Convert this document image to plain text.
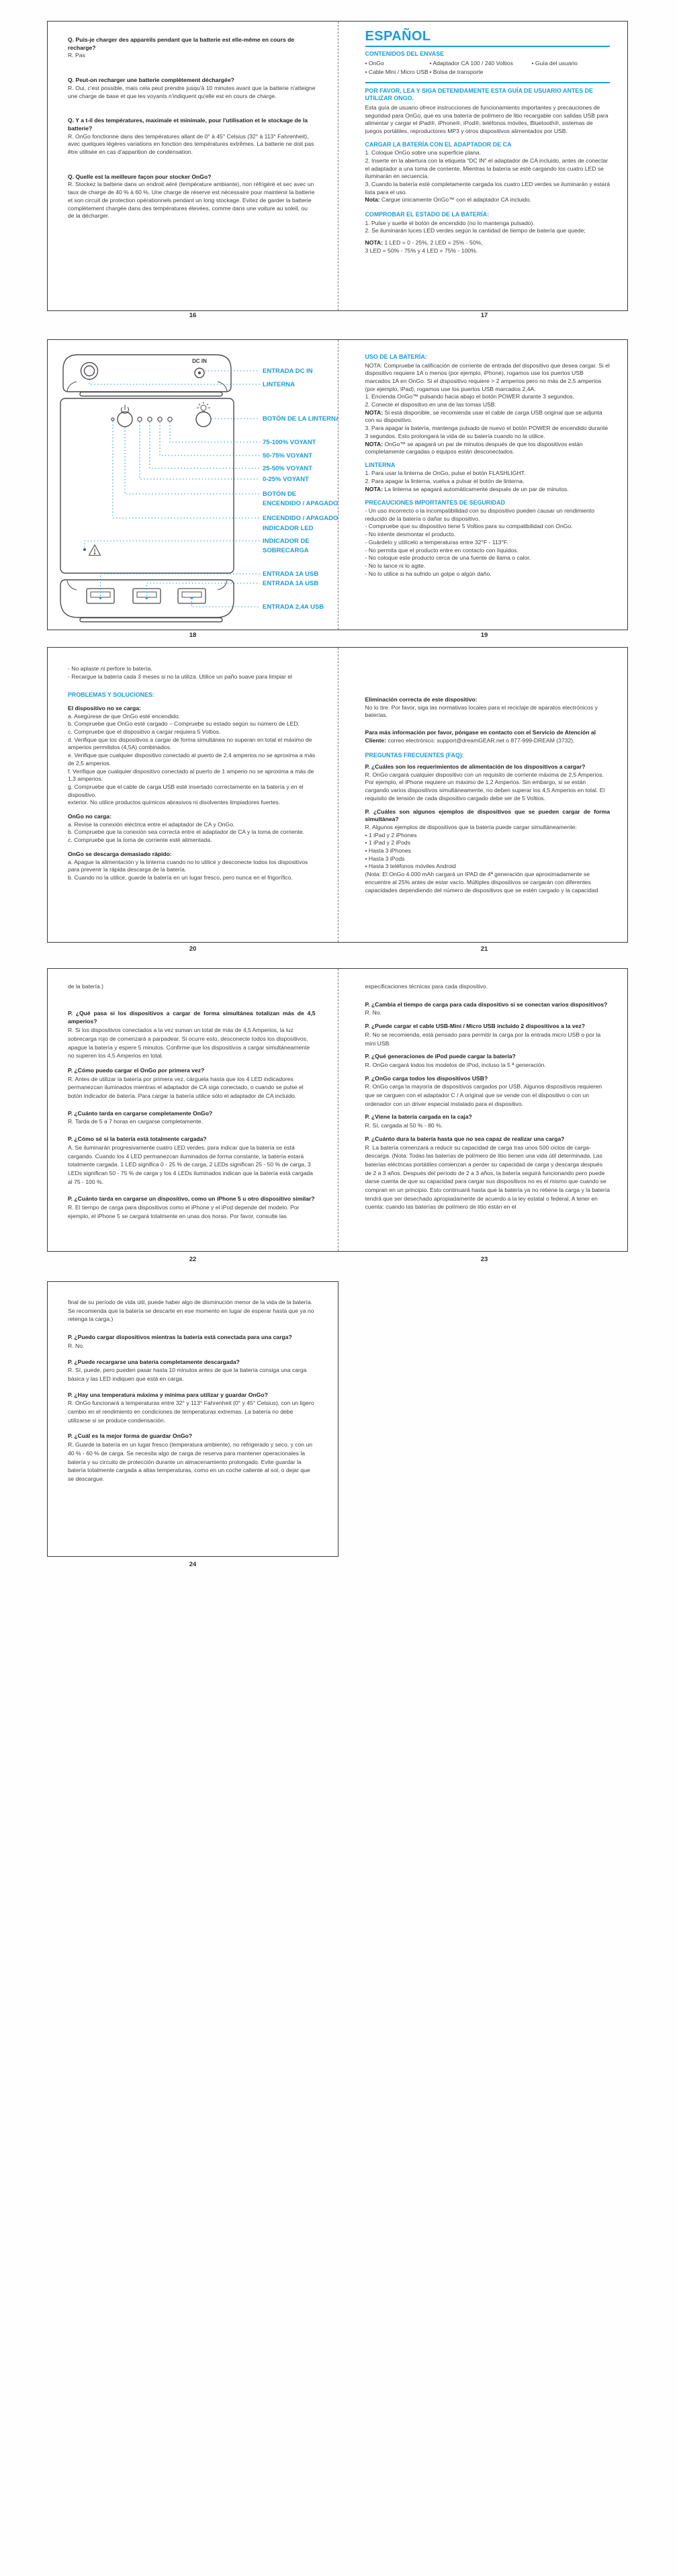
Q. Puis-je charger des appareils pendant que la batterie est elle-même en cours de recharge?
R. Pas
Q. Peut-on recharger une batterie complètement déchargée?
R. Oui, c'est possible, mais cela peut prendre jusqu'à 10 minutes avant que la batterie n'atteigne une charge de base et que les voyants n'indiquent qu'elle est en cours de charge.
Q. Y a t-il des températures, maximale et minimale, pour l'utilisation et le stockage de la batterie?
R. OnGo fonctionne dans des températures allant de 0° à 45° Celsius (32° à 113° Fahrenheit), avec quelques légères variations en fonction des températures extrêmes. La batterie ne doit pas être utilisée en cas d'apparition de condensation.
Q. Quelle est la meilleure façon pour stocker OnGo?
R. Stockez la batterie dans un endroit aéré (température ambiante), non réfrigéré et sec avec un taux de charge de 40 % à 60 %. Une charge de réserve est nécessaire pour maintenir la batterie et son circuit de protection opérationnels pendant un long stockage. Evitez de garder la batterie complètement chargée dans des températures élevées, comme dans une voiture au soleil, ou de la décharger.
ESPAÑOL
CONTENIDOS DEL ENVASE
• OnGo	• Adaptador CA 100 / 240 Voltios	• Guía del usuario
• Cable Mini / Micro USB • Bolsa de transporte
POR FAVOR, LEA Y SIGA DETENIDAMENTE ESTA GUÍA DE USUARIO ANTES DE UTILIZAR ONGO.
Esta guía de usuario ofrece instrucciones de funcionamiento importantes y precauciones de seguridad para OnGo, que es una batería de polímero de litio recargable con salidas USB para alimentar y cargar el iPad®, iPhone®, iPod®, teléfonos móviles, Bluetooth®, sistemas de juegos portátiles, reproductores MP3 y otros dispositivos alimentados por USB.
CARGAR LA BATERÍA CON EL ADAPTADOR DE CA
1. Coloque OnGo sobre una superficie plana.
2. Inserte en la abertura con la etiqueta “DC IN” el adaptador de CA incluido, antes de conectar el adaptador a una toma de corriente. Mientras la batería se esté cargando los cuatro LED se iluminarán en secuencia.
3. Cuando la batería esté completamente cargada los cuatro LED verdes se iluminarán y estará lista para el uso.
Nota: Cargue únicamente OnGo™ con el adaptador CA incluido.
COMPROBAR EL ESTADO DE LA BATERÍA:
1. Pulse y suelte el botón de encendido (no lo mantenga pulsado).
2. Se iluminarán luces LED verdes según la cantidad de tiempo de batería que quede;
NOTA: 1 LED = 0 - 25%, 2 LED = 25% - 50%,
3 LED = 50% - 75% y 4 LED = 75% - 100%.
16	17
DC IN
ENTRADA DC IN
LINTERNA
BOTÓN DE LA LINTERNA
75-100% VOYANT
50-75% VOYANT
25-50% VOYANT
0-25% VOYANT
BOTÓN DE
ENCENDIDO / APAGADO
ENCENDIDO / APAGADO
INDICADOR LED
INDICADOR DE
SOBRECARGA
ENTRADA 1A USB
ENTRADA 1A USB
ENTRADA 2,4A USB
USO DE LA BATERÍA:
NOTA: Compruebe la calificación de corriente de entrada del dispositivo que desea cargar. Si el dispositivo requiere 1A o menos (por ejemplo, iPhone), rogamos use los puertos USB marcados 1A en OnGo. Si el dispositivo requiere > 2 amperios pero no más de 2,5 amperios (por ejemplo, iPad), rogamos use los puertos USB marcados 2,4A.
1. Encienda OnGo™ pulsando hacia abajo el botón POWER durante 3 segundos.
2. Conecte el dispositivo en una de las tomas USB.
NOTA: Si está disponible, se recomienda usar el cable de carga USB original que se adjunta con su dispositivo.
3. Para apagar la batería, mantenga pulsado de nuevo el botón POWER de encendido durante 3 segundos. Esto prolongará la vida de su batería cuando no la utilice.
NOTA: OnGo™ se apagará un par de minutos después de que los dispositivos están completamente cargadas o equipos están desconectados.
LINTERNA
1. Para usar la linterna de OnGo, pulse el botón FLASHLIGHT.
2. Para apagar la linterna, vuelva a pulsar el botón de linterna.
NOTA: La linterna se apagará automáticamente después de un par de minutos.
PRECAUCIONES IMPORTANTES DE SEGURIDAD
- Un uso incorrecto o la incompatibilidad con su dispositivo pueden causar un rendimiento reducido de la batería o dañar su dispositivo.
- Compruebe que su dispositivo tiene 5 Voltios para su compatibilidad con OnGo.
- No intente desmontar el producto.
- Guárdelo y utilícelo a temperaturas entre 32°F - 113°F.
- No permita que el producto entre en contacto con líquidos.
- No coloque este producto cerca de una fuente de llama o calor.
- No lo lance ni lo agite.
- No lo utilice si ha sufrido un golpe o algún daño.
18	19
- No aplaste ni perfore la batería.
- Recargue la batería cada 3 meses si no la utiliza. Utilice un paño suave para limpiar el
PROBLEMAS Y SOLUCIONES:
El dispositivo no se carga:
a. Asegúrese de que OnGo esté encendido.
b. Compruebe que OnGo esté cargado – Compruebe su estado según su número de LED.
c. Compruebe que el dispositivo a cargar requiera 5 Voltios.
d. Verifique que los dispositivos a cargar de forma simultánea no superan en total el máximo de amperios permitidos (4,5A) combinados.
e. Verifique que cualquier dispositivo conectado al puerto de 2,4 amperios no se aproxima a más de 2,5 amperios.
f. Verifique que cualquier dispositivo conectado al puerto de 1 amperio no se aproxima a más de 1,3 amperios.
g. Compruebe que el cable de carga USB esté insertado correctamente en la batería y en el dispositivo.
exterior. No utilice productos químicos abrasivos ni disolventes limpiadores fuertes.
OnGo no carga:
a. Revise la conexión eléctrica entre el adaptador de CA y OnGo.
b. Compruebe que la conexión sea correcta entre el adaptador de CA y la toma de corriente.
c. Compruebe que la toma de corriente esté alimentada.
OnGo se descarga demasiado rápido:
a. Apague la alimentación y la linterna cuando no lo utilice y desconecte todos los dispositivos para prevenir la rápida descarga de la batería.
b. Cuando no la utilice, guarde la batería en un lugar fresco, pero nunca en el frigorífico.
Eliminación correcta de este dispositivo:
No lo tire. Por favor, siga las normativas locales para el reciclaje de aparatos electrónicos y baterías.
Para más información por favor, póngase en contacto con el Servicio de Atención al Cliente: correo electrónico: support@dreamGEAR.net o 877-999-DREAM (3732).
PREGUNTAS FRECUENTES (FAQ):
P. ¿Cuáles son los requerimientos de alimentación de los dispositivos a cargar?
R. OnGo cargará cualquier dispositivo con un requisito de corriente máxima de 2,5 Amperios. Por ejemplo, el iPhone requiere un máximo de 1,2 Amperios. Sin embargo, si se están cargando varios dispositivos simultáneamente, no deben superar los 4,5 Amperios en total. El requisito de tensión de cada dispositivo cargado debe ser de 5 Voltios.
P. ¿Cuáles son algunos ejemplos de dispositivos que se pueden cargar de forma simultánea?
R. Algunos ejemplos de dispositivos que la batería puede cargar simultáneamente:
• 1 iPad y 2 iPhones
• 1 iPad y 2 iPods
• Hasta 3 iPhones
• Hasta 3 iPods
• Hasta 3 teléfonos móviles Android
(Nota: El OnGo 4.000 mAh cargará un IPAD de 4ª generación que aproximadamente se encuentre al 25% antes de estar vacío. Múltiples dispositivos se cargarán con diferentes capacidades dependiendo del número de dispositivos que se estén cargado y la capacidad
20	21
de la batería.)
P. ¿Qué pasa si los dispositivos a cargar de forma simultánea totalizan más de 4,5 amperios?
R. Si los dispositivos conectados a la vez suman un total de más de 4,5 Amperios, la luz sobrecarga rojo de comenzará a parpadear. Si ocurre esto, desconecte todos los dispositivos, apague la batería y espere 5 minutos. Confirme que los dispositivos a cargar simultáneamente no superen los 4,5 Amperios en total.
P. ¿Cómo puedo cargar el OnGo por primera vez?
R. Antes de utilizar la batería por primera vez, cárguela hasta que los 4 LED indicadores permanezcan iluminados mientras el adaptador de CA siga conectado, o cuando se pulse el botón indicador de batería. Para cargar la batería utilice sólo el adaptador de CA incluido.
P. ¿Cuánto tarda en cargarse completamente OnGo?
R. Tarda de 5 a 7 horas en cargarse completamente.
P. ¿Cómo sé si la batería está totalmente cargada?
A. Se iluminarán progresivamente cuatro LED verdes, para indicar que la batería se está cargando. Cuando los 4 LED permanezcan iluminados de forma constante, la batería estará totalmente cargada. 1 LED significa 0 - 25 % de carga, 2 LEDs significan 25 - 50 % de carga, 3 LEDs significan 50 - 75 % de carga y los 4 LEDs iluminados indican que la batería está cargada al 75 - 100 %.
P. ¿Cuánto tarda en cargarse un dispositivo, como un iPhone 5 u otro dispositivo similar?
R. El tiempo de carga para dispositivos como el iPhone y el iPod depende del modelo. Por ejemplo, el iPhone 5 se cargará totalmente en unas dos horas. Por favor, consulte las
especificaciones técnicas para cada dispositivo.
P. ¿Cambia el tiempo de carga para cada dispositivo si se conectan varios dispositivos?
R. No.
P. ¿Puede cargar el cable USB-Mini / Micro USB incluido 2 dispositivos a la vez?
R. No se recomienda, está pensado para permitir la carga por la entrada micro USB o por la mini USB.
P. ¿Qué generaciones de iPod puede cargar la batería?
R. OnGo cargará todos los modelos de iPod, incluso la 5 ª generación.
P. ¿OnGo carga todos los dispositivos USB?
R. OnGo carga la mayoría de dispositivos cargados por USB. Algunos dispositivos requieren que se carguen con el adaptador C / A original que se vende con el dispositivo o con un ordenador con un driver especial instalado para el dispositivo.
P. ¿Viene la batería cargada en la caja?
R. Sí, cargada al 50 % - 80 %.
P. ¿Cuánto dura la batería hasta que no sea capaz de realizar una carga?
R. La batería comenzará a reducir su capacidad de carga tras unos 500 ciclos de carga-descarga. (Nota: Todas las baterías de polímero de litio tienen una vida útil determinada. Las baterías eléctricas portátiles comienzan a perder su capacidad de carga y descarga después de 2 a 3 años. Después del período de 2 a 3 años, la batería seguirá funcionando pero puede darse cuenta de que su capacidad para cargar sus dispositivos no es el mismo que cuando se compran en un principio. Esto continuará hasta que la batería ya no retiene la carga y la batería tendrá que ser desechado apropiadamente de acuerdo a la ley estatal o federal. A tener en cuenta: cuando las baterías de polímero de litio están en el
22	23
final de su período de vida útil, puede haber algo de disminución menor de la vida de la batería. Se recomienda que la batería se descarte en ese momento en lugar de esperar hasta que ya no retenga la carga.)
P. ¿Puedo cargar dispositivos mientras la batería está conectada para una carga?
R. No.
P. ¿Puede recargarse una batería completamente descargada?
R. Sí, puede, pero pueden pasar hasta 10 minutos antes de que la batería consiga una carga básica y las LED indiquen que está en carga.
P. ¿Hay una temperatura máxima y mínima para utilizar y guardar OnGo?
R. OnGo funcionará a temperaturas entre 32° y 113° Fahrenheit (0° y 45° Celsius), con un ligero cambio en el rendimiento en condiciones de temperaturas extremas. La batería no debe utilizarse si se produce condensación.
P. ¿Cuál es la mejor forma de guardar OnGo?
R. Guarde la batería en un lugar fresco (temperatura ambiente), no refrigerado y seco, y con un 40 % - 60 % de carga. Se necesita algo de carga de reserva para mantener operacionales la batería y su circuito de protección durante un almacenamiento prolongado. Evite guardar la batería totalmente cargada a altas temperaturas, como en un coche caliente al sol, o dejar que se descargue.
24
